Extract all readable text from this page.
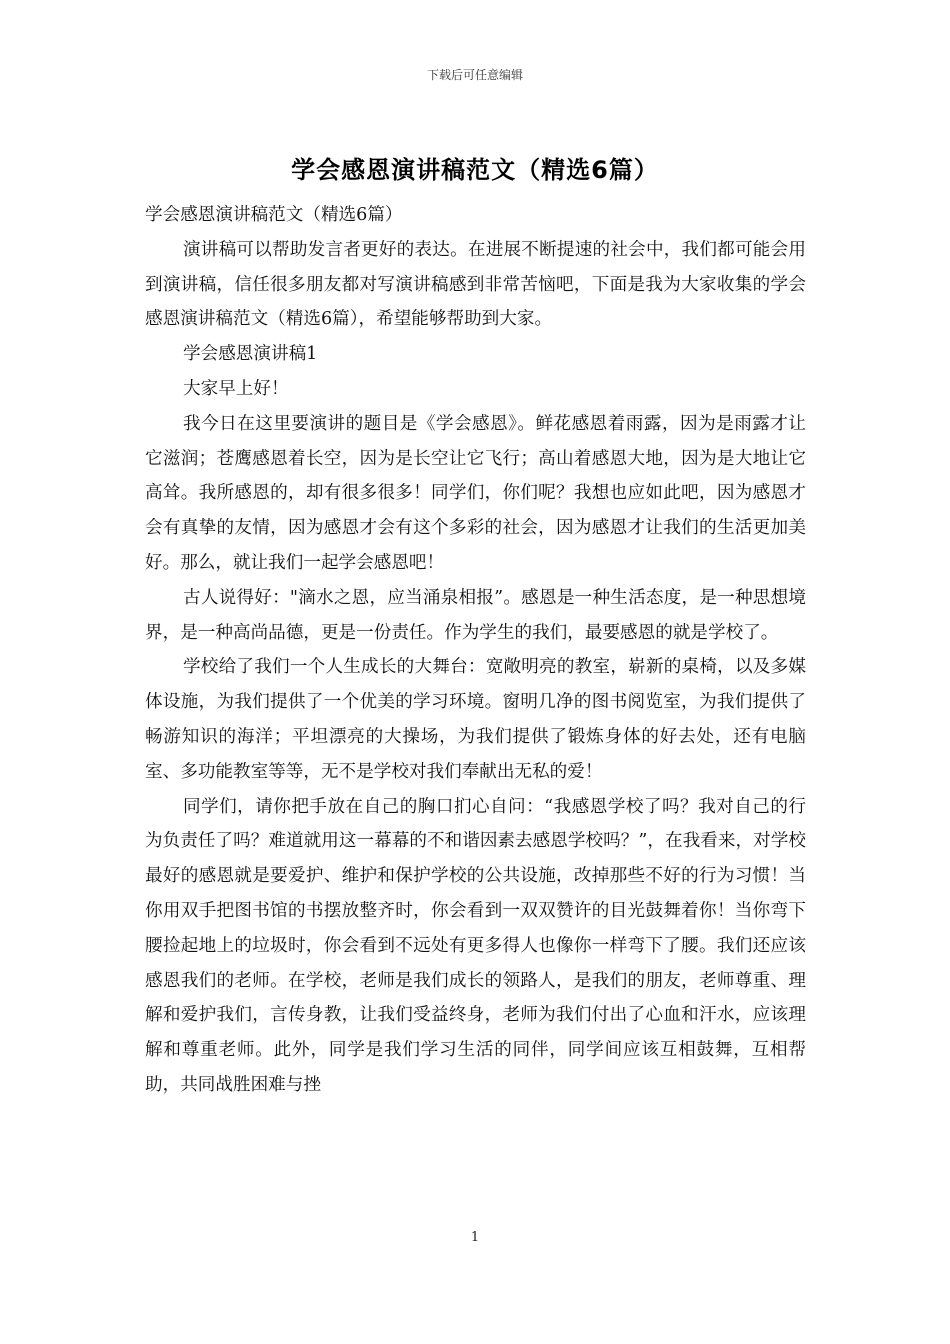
下载后可任意编辑
学会感恩演讲稿范文（精选6篇）

学会感恩演讲稿范文（精选6篇）

演讲稿可以帮助发言者更好的表达。在进展不断提速的社会中，我们都可能会用到演讲稿，信任很多朋友都对写演讲稿感到非常苦恼吧，下面是我为大家收集的学会感恩演讲稿范文（精选6篇），希望能够帮助到大家。

学会感恩演讲稿1

大家早上好！

我今日在这里要演讲的题目是《学会感恩》。鲜花感恩着雨露，因为是雨露才让它滋润；苍鹰感恩着长空，因为是长空让它飞行；高山着感恩大地，因为是大地让它高耸。我所感恩的，却有很多很多！同学们，你们呢？我想也应如此吧，因为感恩才会有真挚的友情，因为感恩才会有这个多彩的社会，因为感恩才让我们的生活更加美好。那么，就让我们一起学会感恩吧！

古人说得好："滴水之恩，应当涌泉相报”。感恩是一种生活态度，是一种思想境界，是一种高尚品德，更是一份责任。作为学生的我们，最要感恩的就是学校了。

学校给了我们一个人生成长的大舞台：宽敞明亮的教室，崭新的桌椅，以及多媒体设施，为我们提供了一个优美的学习环境。窗明几净的图书阅览室，为我们提供了畅游知识的海洋；平坦漂亮的大操场，为我们提供了锻炼身体的好去处，还有电脑室、多功能教室等等，无不是学校对我们奉献出无私的爱！

同学们，请你把手放在自己的胸口扪心自问：“我感恩学校了吗？我对自己的行为负责任了吗？难道就用这一幕幕的不和谐因素去感恩学校吗？”，在我看来，对学校最好的感恩就是要爱护、维护和保护学校的公共设施，改掉那些不好的行为习惯！当你用双手把图书馆的书摆放整齐时，你会看到一双双赞许的目光鼓舞着你！当你弯下腰捡起地上的垃圾时，你会看到不远处有更多得人也像你一样弯下了腰。我们还应该感恩我们的老师。在学校，老师是我们成长的领路人，是我们的朋友，老师尊重、理解和爱护我们，言传身教，让我们受益终身，老师为我们付出了心血和汗水，应该理解和尊重老师。此外，同学是我们学习生活的同伴，同学间应该互相鼓舞，互相帮助，共同战胜困难与挫

1
